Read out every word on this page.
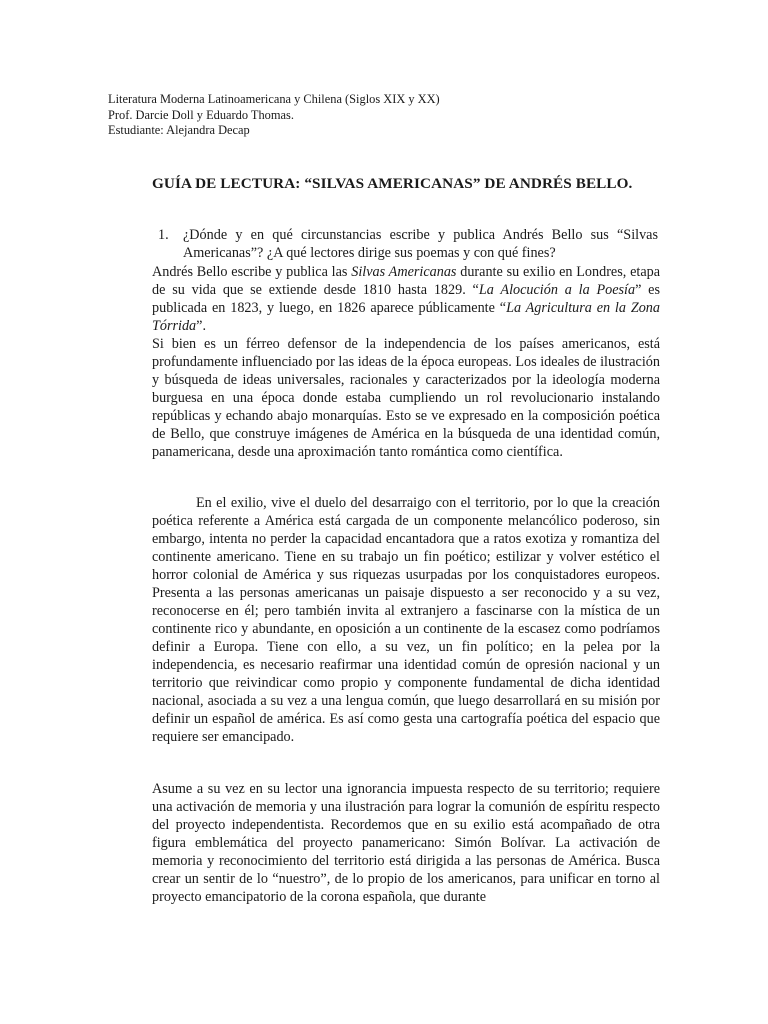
Literatura Moderna Latinoamericana y Chilena (Siglos XIX y XX)
Prof. Darcie Doll y Eduardo Thomas.
Estudiante: Alejandra Decap
GUÍA DE LECTURA: “SILVAS AMERICANAS” DE ANDRÉS BELLO.
1. ¿Dónde y en qué circunstancias escribe y publica Andrés Bello sus “Silvas Americanas”? ¿A qué lectores dirige sus poemas y con qué fines?

Andrés Bello escribe y publica las Silvas Americanas durante su exilio en Londres, etapa de su vida que se extiende desde 1810 hasta 1829. “La Alocución a la Poesía” es publicada en 1823, y luego, en 1826 aparece públicamente “La Agricultura en la Zona Tórrida”.

Si bien es un férreo defensor de la independencia de los países americanos, está profundamente influenciado por las ideas de la época europeas. Los ideales de ilustración y búsqueda de ideas universales, racionales y caracterizados por la ideología moderna burguesa en una época donde estaba cumpliendo un rol revolucionario instalando repúblicas y echando abajo monarquías. Esto se ve expresado en la composición poética de Bello, que construye imágenes de América en la búsqueda de una identidad común, panamericana, desde una aproximación tanto romántica como científica.

En el exilio, vive el duelo del desarraigo con el territorio, por lo que la creación poética referente a América está cargada de un componente melancólico poderoso, sin embargo, intenta no perder la capacidad encantadora que a ratos exotiza y romantiza del continente americano. Tiene en su trabajo un fin poético; estilizar y volver estético el horror colonial de América y sus riquezas usurpadas por los conquistadores europeos. Presenta a las personas americanas un paisaje dispuesto a ser reconocido y a su vez, reconocerse en él; pero también invita al extranjero a fascinarse con la mística de un continente rico y abundante, en oposición a un continente de la escasez como podríamos definir a Europa. Tiene con ello, a su vez, un fin político; en la pelea por la independencia, es necesario reafirmar una identidad común de opresión nacional y un territorio que reivindicar como propio y componente fundamental de dicha identidad nacional, asociada a su vez a una lengua común, que luego desarrollará en su misión por definir un español de américa. Es así como gesta una cartografía poética del espacio que requiere ser emancipado.

Asume a su vez en su lector una ignorancia impuesta respecto de su territorio; requiere una activación de memoria y una ilustración para lograr la comunión de espíritu respecto del proyecto independentista. Recordemos que en su exilio está acompañado de otra figura emblemática del proyecto panamericano: Simón Bolívar. La activación de memoria y reconocimiento del territorio está dirigida a las personas de América. Busca crear un sentir de lo “nuestro”, de lo propio de los americanos, para unificar en torno al proyecto emancipatorio de la corona española, que durante
